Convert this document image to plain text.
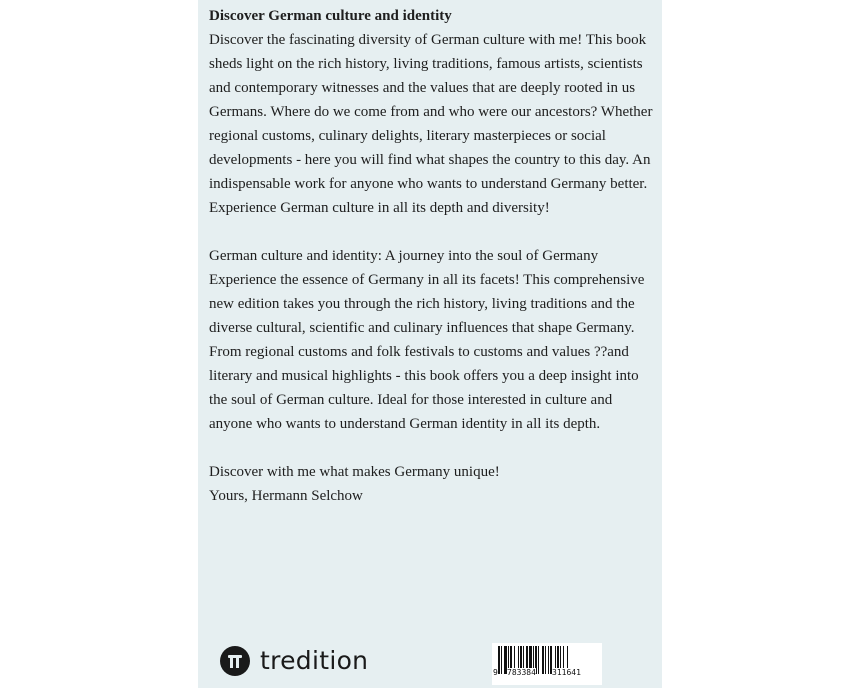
Discover German culture and identity
Discover the fascinating diversity of German culture with me! This book sheds light on the rich history, living traditions, famous artists, scientists and contemporary witnesses and the values that are deeply rooted in us Germans. Where do we come from and who were our ancestors? Whether regional customs, culinary delights, literary masterpieces or social developments - here you will find what shapes the country to this day. An indispensable work for anyone who wants to understand Germany better. Experience German culture in all its depth and diversity!
German culture and identity: A journey into the soul of Germany
Experience the essence of Germany in all its facets! This comprehensive new edition takes you through the rich history, living traditions and the diverse cultural, scientific and culinary influences that shape Germany. From regional customs and folk festivals to customs and values ??and literary and musical highlights - this book offers you a deep insight into the soul of German culture. Ideal for those interested in culture and anyone who wants to understand German identity in all its depth.
Discover with me what makes Germany unique!
Yours, Hermann Selchow
tredition	9 783384 311641
